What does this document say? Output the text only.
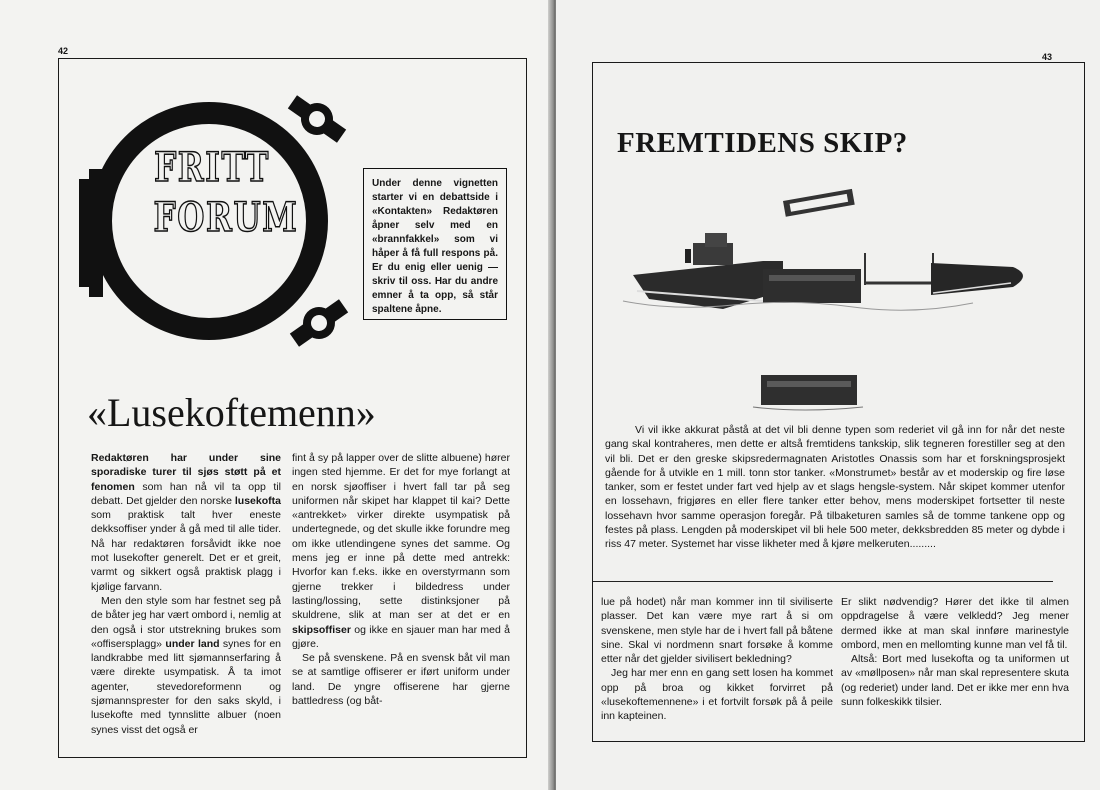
42

FRITT
FORUM
Under denne vignetten starter vi en debattside i «Kontakten» Redaktøren åpner selv med en «brannfakkel» som vi håper å få full respons på. Er du enig eller uenig — skriv til oss. Har du andre emner å ta opp, så står spaltene åpne.
«Lusekoftemenn»

Redaktøren har under sine sporadiske turer til sjøs støtt på et fenomen som han nå vil ta opp til debatt. Det gjelder den norske lusekofta som praktisk talt hver eneste dekksoffiser ynder å gå med til alle tider. Nå har redaktøren forsåvidt ikke noe mot lusekofter generelt. Det er et greit, varmt og sikkert også praktisk plagg i kjølige farvann.

Men den style som har festnet seg på de båter jeg har vært ombord i, nemlig at den også i stor utstrekning brukes som «offisersplagg» under land synes for en landkrabbe med litt sjømannserfaring å være direkte usympatisk. Å ta imot agenter, stevedoreformenn og sjømannsprester for den saks skyld, i lusekofte med tynnslitte albuer (noen synes visst det også er

fint å sy på lapper over de slitte albuene) hører ingen sted hjemme. Er det for mye forlangt at en norsk sjøoffiser i hvert fall tar på seg uniformen når skipet har klappet til kai? Dette «antrekket» virker direkte usympatisk på undertegnede, og det skulle ikke forundre meg om ikke utlendingene synes det samme. Og mens jeg er inne på dette med antrekk: Hvorfor kan f.eks. ikke en overstyrmann som gjerne trekker i bildedress under lasting/lossing, sette distinksjoner på skuldrene, slik at man ser at det er en skipsoffiser og ikke en sjauer man har med å gjøre.

Se på svenskene. På en svensk båt vil man se at samtlige offiserer er iført uniform under land. De yngre offiserene har gjerne battledress (og båt-

43
FREMTIDENS SKIP?
Vi vil ikke akkurat påstå at det vil bli denne typen som rederiet vil gå inn for når det neste gang skal kontraheres, men dette er altså fremtidens tankskip, slik tegneren forestiller seg at den vil bli. Det er den greske skipsredermagnaten Aristotles Onassis som har et forskningsprosjekt gående for å utvikle en 1 mill. tonn stor tanker. «Monstrumet» består av et moderskip og fire løse tanker, som er festet under fart ved hjelp av et slags hengsle-system. Når skipet kommer utenfor en lossehavn, frigjøres en eller flere tanker etter behov, mens moderskipet fortsetter til neste lossehavn hvor samme operasjon foregår. På tilbaketuren samles så de tomme tankene opp og festes på plass. Lengden på moderskipet vil bli hele 500 meter, dekksbredden 85 meter og dybde i riss 47 meter. Systemet har visse likheter med å kjøre melkeruten.........

lue på hodet) når man kommer inn til siviliserte plasser. Det kan være mye rart å si om svenskene, men style har de i hvert fall på båtene sine. Skal vi nordmenn snart forsøke å komme etter når det gjelder sivilisert bekledning?

Jeg har mer enn en gang sett losen ha kommet opp på broa og kikket forvirret på «lusekoftemennene» i et fortvilt forsøk på å peile inn kapteinen.

Er slikt nødvendig? Hører det ikke til almen oppdragelse å være velkledd? Jeg mener dermed ikke at man skal innføre marinestyle ombord, men en mellomting kunne man vel få til.

Altså: Bort med lusekofta og ta uniformen ut av «møllposen» når man skal representere skuta (og rederiet) under land. Det er ikke mer enn hva sunn folkeskikk tilsier.
